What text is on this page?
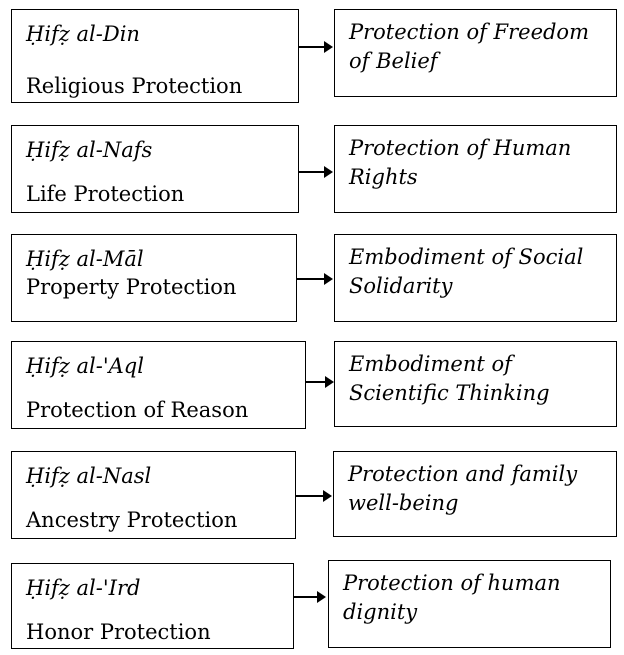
Ḥifẓ al-Din
Religious Protection
Protection of Freedom of Belief
Ḥifẓ al-Nafs
Life Protection
Protection of Human Rights
Ḥifẓ al-Māl
Property Protection
Embodiment of Social Solidarity
Ḥifẓ al-'Aql
Protection of Reason
Embodiment of Scientific Thinking
Ḥifẓ al-Nasl
Ancestry Protection
Protection and family well-being
Ḥifẓ al-'Ird
Honor Protection
Protection of human dignity
